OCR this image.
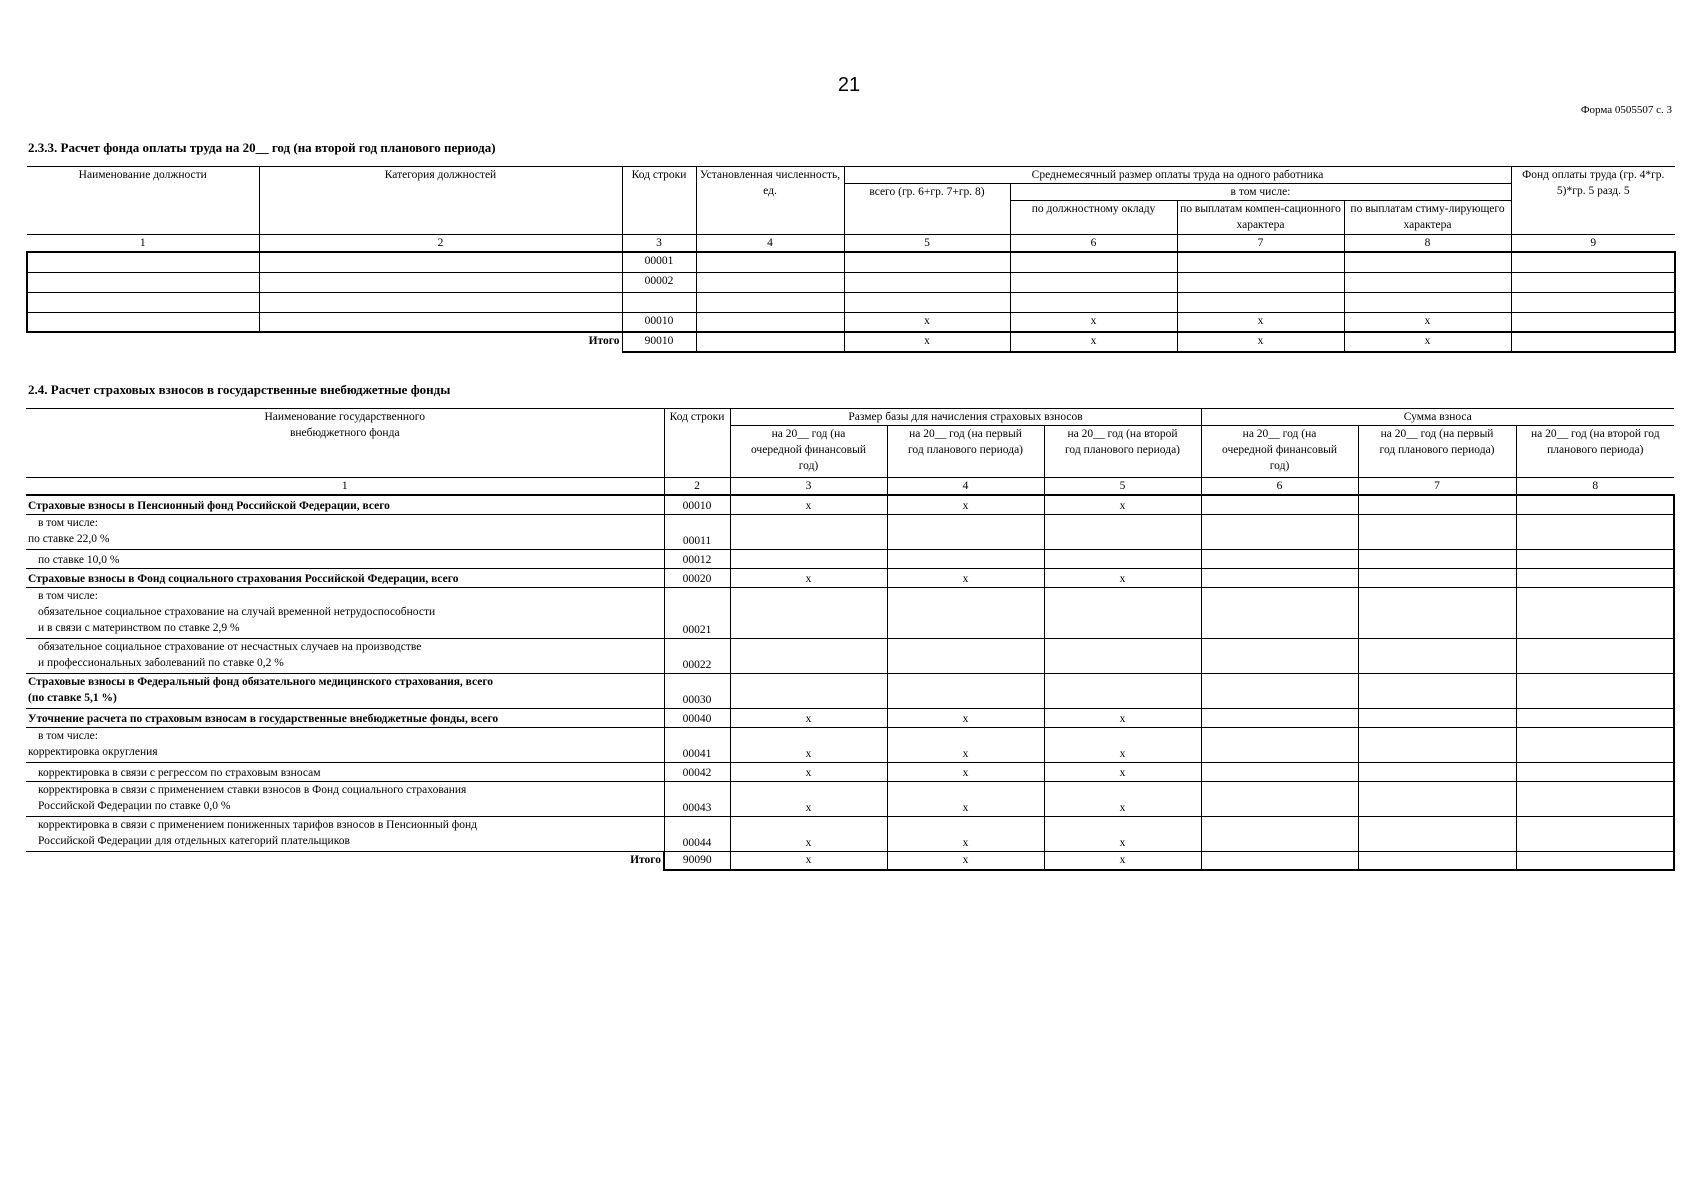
21
Форма 0505507 с. 3
2.3.3. Расчет фонда оплаты труда на 20__ год (на второй год планового периода)
Наименование должности	Категория должностей	Код строки	Установленная численность, ед.	Среднемесячный размер оплаты труда на одного работника				Фонд оплаты труда (гр. 4*гр. 5)*гр. 5 разд. 5
				всего (гр. 6+гр. 7+гр. 8)	в том числе:			
					по должностному окладу	по выплатам компен-сационного характера	по выплатам стиму-лирующего характера	
1	2	3	4	5	6	7	8	9
		00001						
		00002						

		00010		x	x	x	x	
Итого		90010		x	x	x	x	
2.4. Расчет страховых взносов в государственные внебюджетные фонды
Наименование государственного внебюджетного фонда	Код строки	Размер базы для начисления страховых взносов			Сумма взноса		
		на 20__ год (на очередной финансовый год)	на 20__ год (на первый год планового периода)	на 20__ год (на второй год планового периода)	на 20__ год (на очередной финансовый год)	на 20__ год (на первый год планового периода)	на 20__ год (на второй год планового периода)
1	2	3	4	5	6	7	8
Страховые взносы в Пенсионный фонд Российской Федерации, всего	00010	x	x	x			

в том числе:
по ставке 22,0 %	00011						
по ставке 10,0 %	00012						
Страховые взносы в Фонд социального страхования Российской Федерации, всего	00020	x	x	x			

в том числе:
обязательное социальное страхование на случай временной нетрудоспособности
и в связи с материнством по ставке 2,9 %	00021						

обязательное социальное страхование от несчастных случаев на производстве
и профессиональных заболеваний по ставке 0,2 %	00022						

Страховые взносы в Федеральный фонд обязательного медицинского страхования, всего
(по ставке 5,1 %)	00030						
Уточнение расчета по страховым взносам в государственные внебюджетные фонды, всего	00040	x	x	x			

в том числе:
корректировка округления	00041	x	x	x			
корректировка в связи с регрессом по страховым взносам	00042	x	x	x			

корректировка в связи с применением ставки взносов в Фонд социального страхования
Российской Федерации по ставке 0,0 %	00043	x	x	x			

корректировка в связи с применением пониженных тарифов взносов в Пенсионный фонд
Российской Федерации для отдельных категорий плательщиков	00044	x	x	x			
Итого	90090	x	x	x			
